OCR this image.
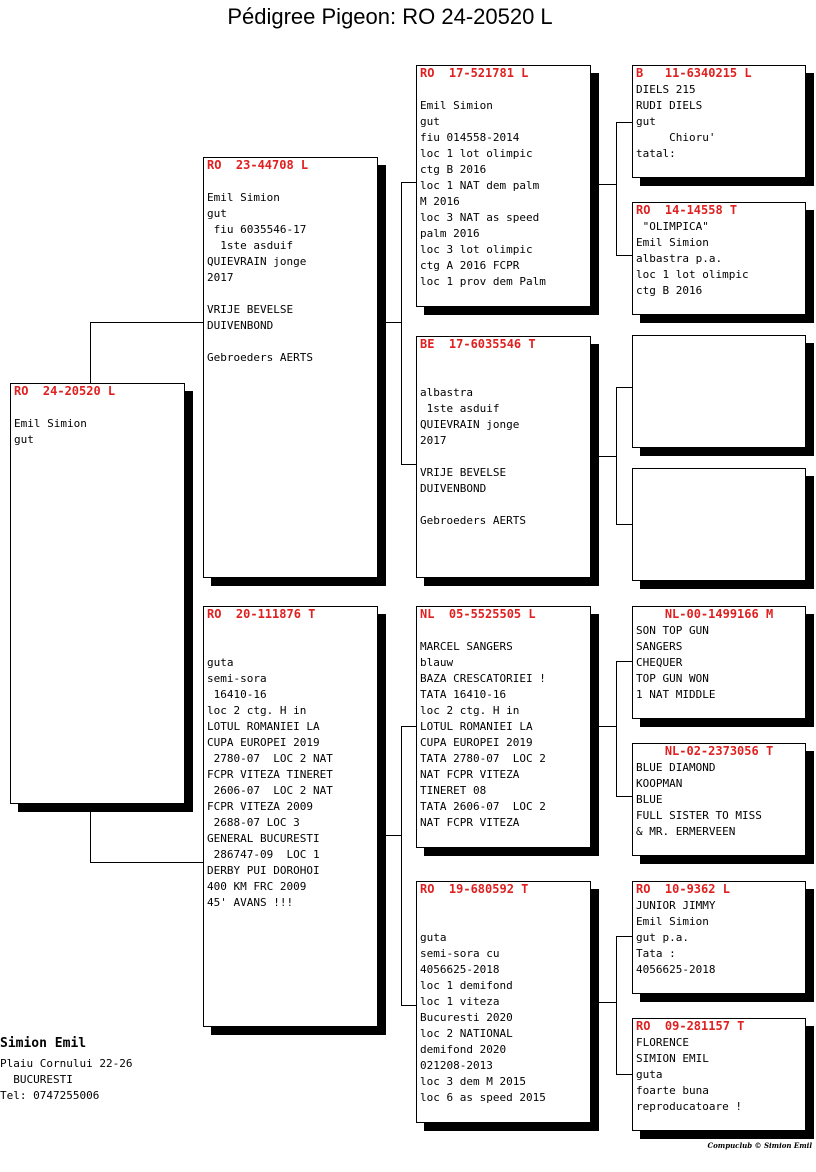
Pédigree Pigeon: RO 24-20520 L
RO  24-20520 L
Emil Simion
gut
RO  23-44708 L
Emil Simion
gut
fiu 6035546-17
1ste asduif
QUIEVRAIN jonge
2017
VRIJE BEVELSE
DUIVENBOND
Gebroeders AERTS
RO  20-111876 T
guta
semi-sora
16410-16
loc 2 ctg. H in
LOTUL ROMANIEI LA
CUPA EUROPEI 2019
2780-07  LOC 2 NAT
FCPR VITEZA TINERET
2606-07  LOC 2 NAT
FCPR VITEZA 2009
2688-07 LOC 3
GENERAL BUCURESTI
286747-09  LOC 1
DERBY PUI DOROHOI
400 KM FRC 2009
45' AVANS !!!
RO  17-521781 L
Emil Simion
gut
fiu 014558-2014
loc 1 lot olimpic
ctg B 2016
loc 1 NAT dem palm
M 2016
loc 3 NAT as speed
palm 2016
loc 3 lot olimpic
ctg A 2016 FCPR
loc 1 prov dem Palm
BE  17-6035546 T
albastra
1ste asduif
QUIEVRAIN jonge
2017
VRIJE BEVELSE
DUIVENBOND
Gebroeders AERTS
NL  05-5525505 L
MARCEL SANGERS
blauw
BAZA CRESCATORIEI !
TATA 16410-16
loc 2 ctg. H in
LOTUL ROMANIEI LA
CUPA EUROPEI 2019
TATA 2780-07  LOC 2
NAT FCPR VITEZA
TINERET 08
TATA 2606-07  LOC 2
NAT FCPR VITEZA
RO  19-680592 T
guta
semi-sora cu
4056625-2018
loc 1 demifond
loc 1 viteza
Bucuresti 2020
loc 2 NATIONAL
demifond 2020
021208-2013
loc 3 dem M 2015
loc 6 as speed 2015
B   11-6340215 L
DIELS 215
RUDI DIELS
gut
Chioru'
tatal:
RO  14-14558 T
"OLIMPICA"
Emil Simion
albastra p.a.
loc 1 lot olimpic
ctg B 2016
NL-00-1499166 M
SON TOP GUN
SANGERS
CHEQUER
TOP GUN WON
1 NAT MIDDLE
NL-02-2373056 T
BLUE DIAMOND
KOOPMAN
BLUE
FULL SISTER TO MISS
& MR. ERMERVEEN
RO  10-9362 L
JUNIOR JIMMY
Emil Simion
gut p.a.
Tata :
4056625-2018
RO  09-281157 T
FLORENCE
SIMION EMIL
guta
foarte buna
reproducatoare !
Simion Emil
Plaiu Cornului 22-26
BUCURESTI
Tel: 0747255006
Compuclub © Simion Emil
